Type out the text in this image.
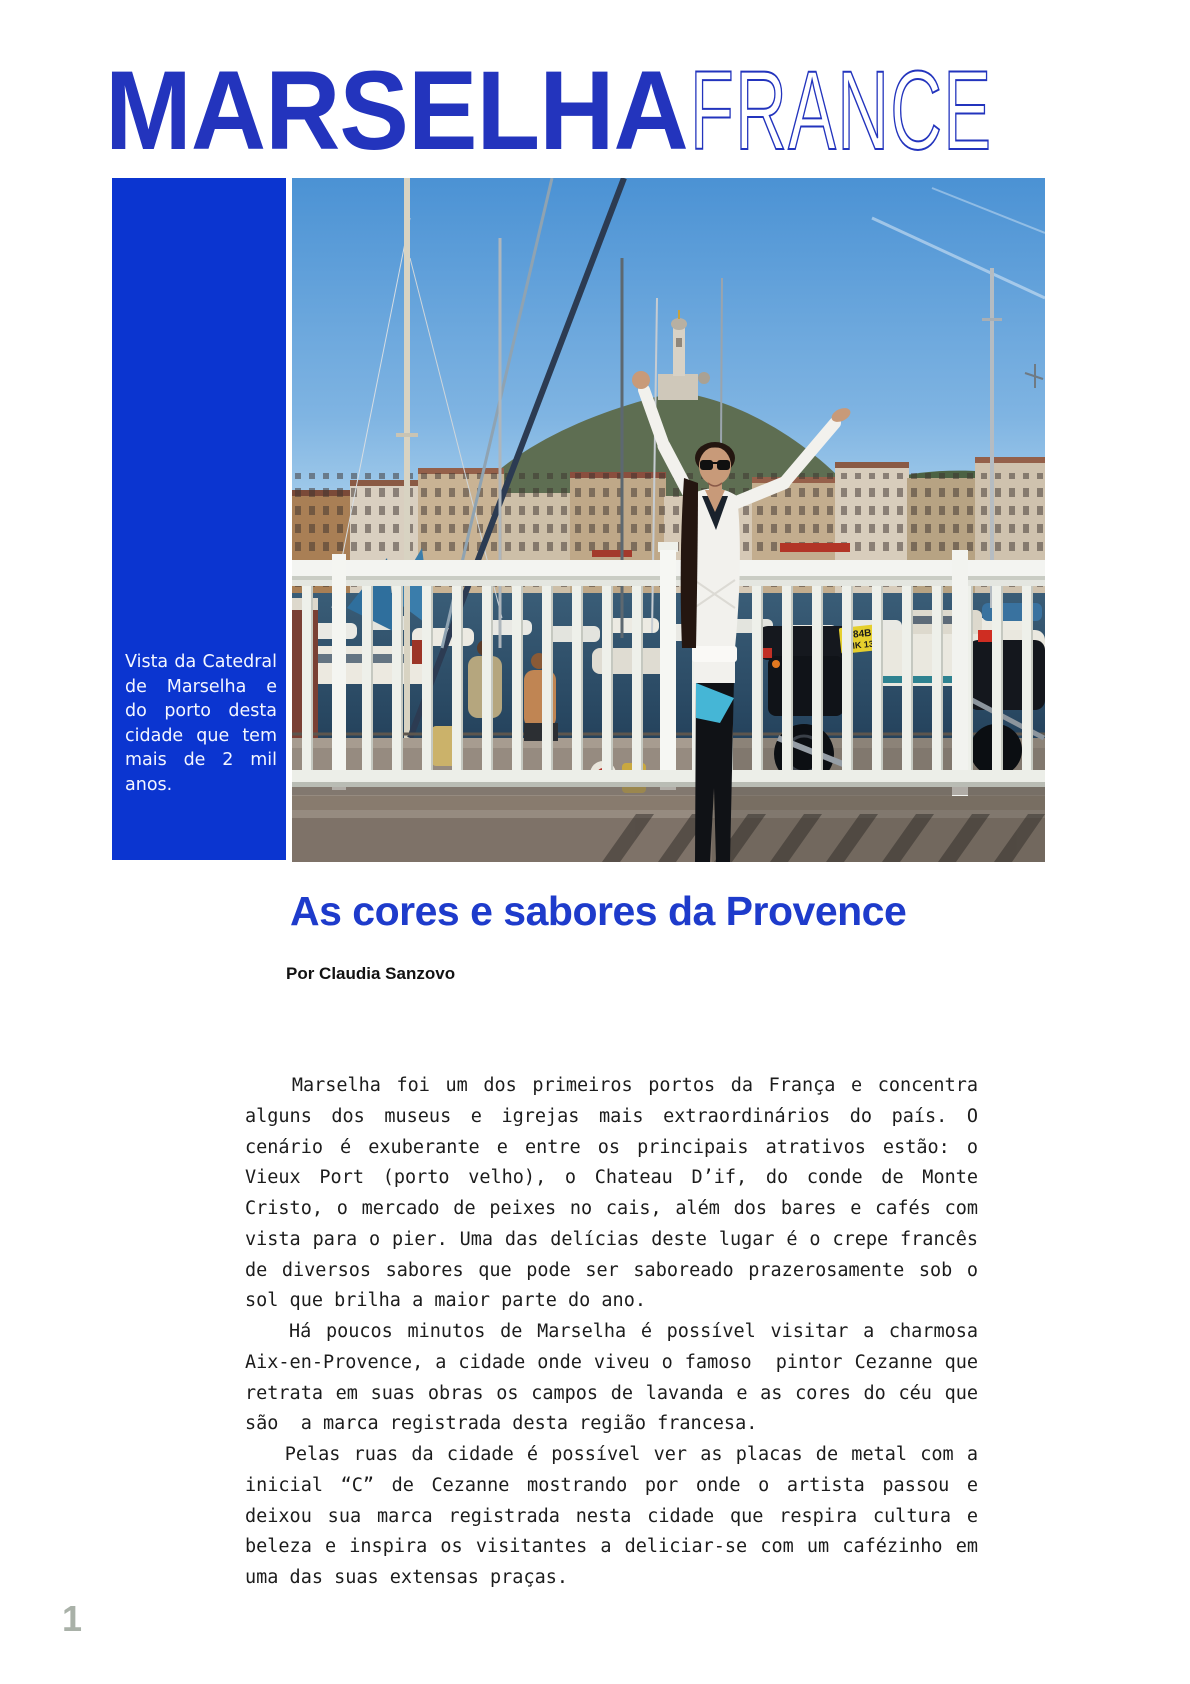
MARSELHA FRANCE
Vista da Catedral
de Marselha e
do porto desta
cidade que tem
mais de 2 mil
anos.
As cores e sabores da Provence

Por Claudia Sanzovo

Marselha foi um dos primeiros portos da França e concentra
alguns dos museus e igrejas mais extraordinários do país. O
cenário é exuberante e entre os principais atrativos estão: o
Vieux Port (porto velho), o Chateau D’if, do conde de Monte
Cristo, o mercado de peixes no cais, além dos bares e cafés com
vista para o pier. Uma das delícias deste lugar é o crepe francês
de diversos sabores que pode ser saboreado prazerosamente sob o
sol que brilha a maior parte do ano.
Há poucos minutos de Marselha é possível visitar a charmosa
Aix-en-Provence, a cidade onde viveu o famoso  pintor Cezanne que
retrata em suas obras os campos de lavanda e as cores do céu que
são  a marca registrada desta região francesa.
Pelas ruas da cidade é possível ver as placas de metal com a
inicial “C” de Cezanne mostrando por onde o artista passou e
deixou sua marca registrada nesta cidade que respira cultura e
beleza e inspira os visitantes a deliciar-se com um cafézinho em
uma das suas extensas praças.
1
